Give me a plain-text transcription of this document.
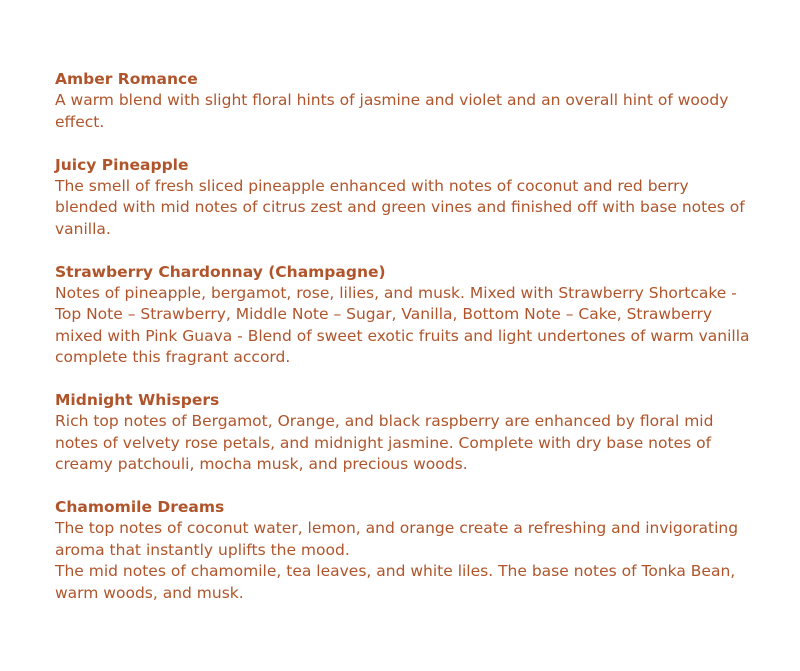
Amber Romance
A warm blend with slight floral hints of jasmine and violet and an overall hint of woody effect.
Juicy Pineapple
The smell of fresh sliced pineapple enhanced with notes of coconut and red berry blended with mid notes of citrus zest and green vines and finished off with base notes of vanilla.
Strawberry Chardonnay (Champagne)
Notes of pineapple, bergamot, rose, lilies, and musk. Mixed with Strawberry Shortcake - Top Note – Strawberry, Middle Note – Sugar, Vanilla, Bottom Note – Cake, Strawberry mixed with Pink Guava - Blend of sweet exotic fruits and light undertones of warm vanilla complete this fragrant accord.
Midnight Whispers
Rich top notes of Bergamot, Orange, and black raspberry are enhanced by floral mid notes of velvety rose petals, and midnight jasmine. Complete with dry base notes of creamy patchouli, mocha musk, and precious woods.
Chamomile Dreams
The top notes of coconut water, lemon, and orange create a refreshing and invigorating aroma that instantly uplifts the mood.
The mid notes of chamomile, tea leaves, and white liles. The base notes of Tonka Bean, warm woods, and musk.
